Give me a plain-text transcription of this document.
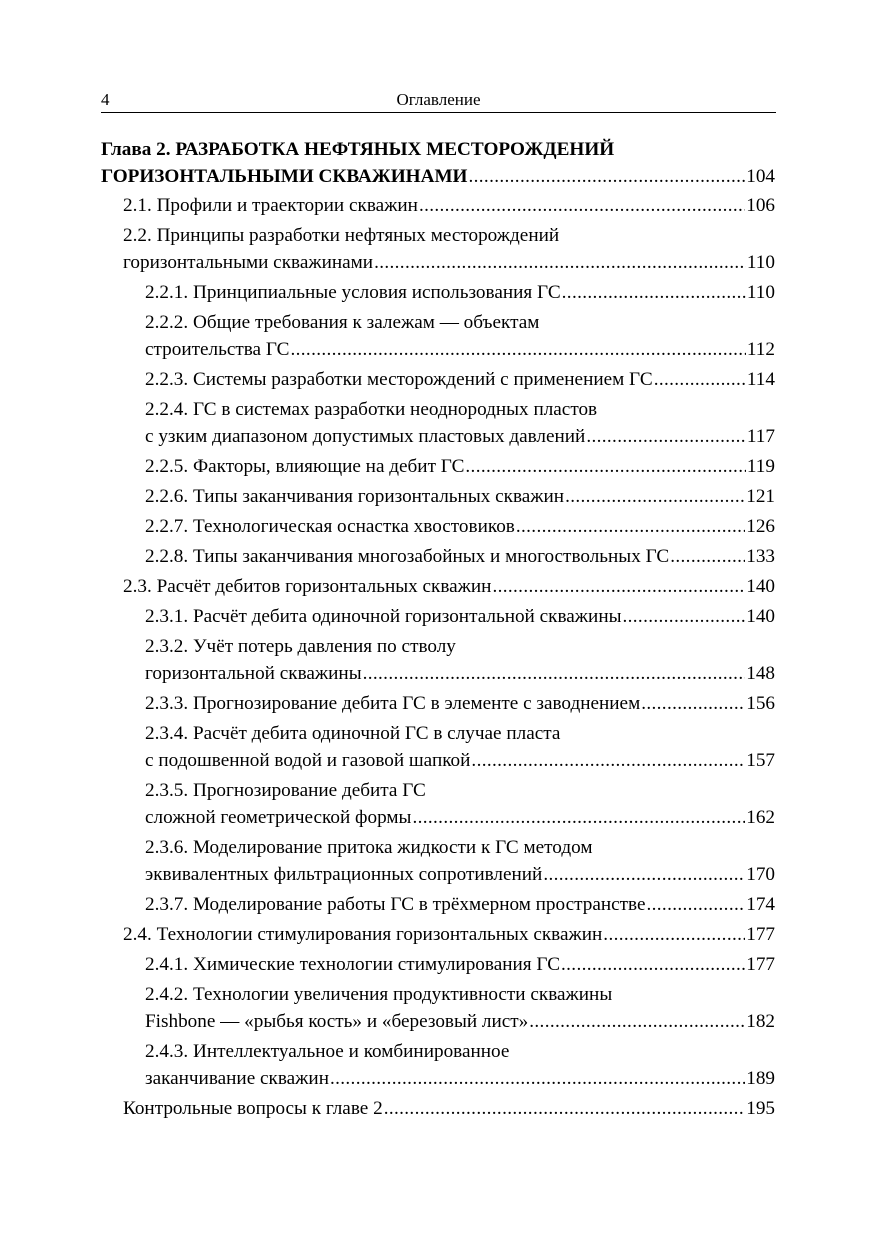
4	Оглавление
Глава 2. РАЗРАБОТКА НЕФТЯНЫХ МЕСТОРОЖДЕНИЙ
ГОРИЗОНТАЛЬНЫМИ СКВАЖИНАМИ .....	104
2.1. Профили и траектории скважин .....	106
2.2. Принципы разработки нефтяных месторождений
горизонтальными скважинами .....	110
2.2.1. Принципиальные условия использования ГС .....	110
2.2.2. Общие требования к залежам — объектам
строительства ГС .....	112
2.2.3. Системы разработки месторождений с применением ГС .....	114
2.2.4. ГС в системах разработки неоднородных пластов
с узким диапазоном допустимых пластовых давлений .....	117
2.2.5. Факторы, влияющие на дебит ГС .....	119
2.2.6. Типы заканчивания горизонтальных скважин .....	121
2.2.7. Технологическая оснастка хвостовиков .....	126
2.2.8. Типы заканчивания многозабойных и многоствольных ГС .....	133
2.3. Расчёт дебитов горизонтальных скважин .....	140
2.3.1. Расчёт дебита одиночной горизонтальной скважины .....	140
2.3.2. Учёт потерь давления по стволу
горизонтальной скважины .....	148
2.3.3. Прогнозирование дебита ГС в элементе с заводнением .....	156
2.3.4. Расчёт дебита одиночной ГС в случае пласта
с подошвенной водой и газовой шапкой .....	157
2.3.5. Прогнозирование дебита ГС
сложной геометрической формы .....	162
2.3.6. Моделирование притока жидкости к ГС методом
эквивалентных фильтрационных сопротивлений .....	170
2.3.7. Моделирование работы ГС в трёхмерном пространстве .....	174
2.4. Технологии стимулирования горизонтальных скважин .....	177
2.4.1. Химические технологии стимулирования ГС .....	177
2.4.2. Технологии увеличения продуктивности скважины
Fishbone — «рыбья кость» и «березовый лист» .....	182
2.4.3. Интеллектуальное и комбинированное
заканчивание скважин .....	189
Контрольные вопросы к главе 2 .....	195
